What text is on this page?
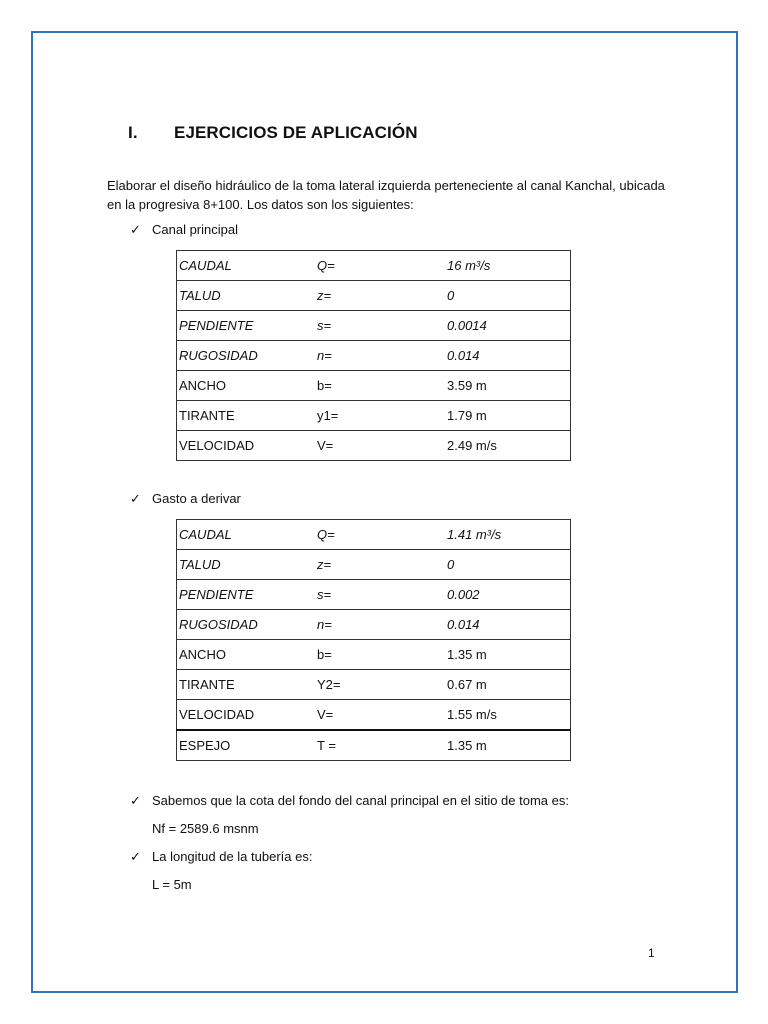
I. EJERCICIOS DE APLICACIÓN
Elaborar el diseño hidráulico de la toma lateral izquierda perteneciente al canal Kanchal, ubicada en la progresiva 8+100. Los datos son los siguientes:
✓ Canal principal
CAUDAL	Q=	16 m³/s
TALUD	z=	0
PENDIENTE	s=	0.0014
RUGOSIDAD	n=	0.014
ANCHO	b=	3.59 m
TIRANTE	y1=	1.79 m
VELOCIDAD	V=	2.49 m/s
✓ Gasto a derivar
CAUDAL	Q=	1.41 m³/s
TALUD	z=	0
PENDIENTE	s=	0.002
RUGOSIDAD	n=	0.014
ANCHO	b=	1.35 m
TIRANTE	Y2=	0.67 m
VELOCIDAD	V=	1.55 m/s
ESPEJO	T =	1.35 m
✓ Sabemos que la cota del fondo del canal principal en el sitio de toma es:
Nf = 2589.6 msnm
✓ La longitud de la tubería es:
L = 5m
1
